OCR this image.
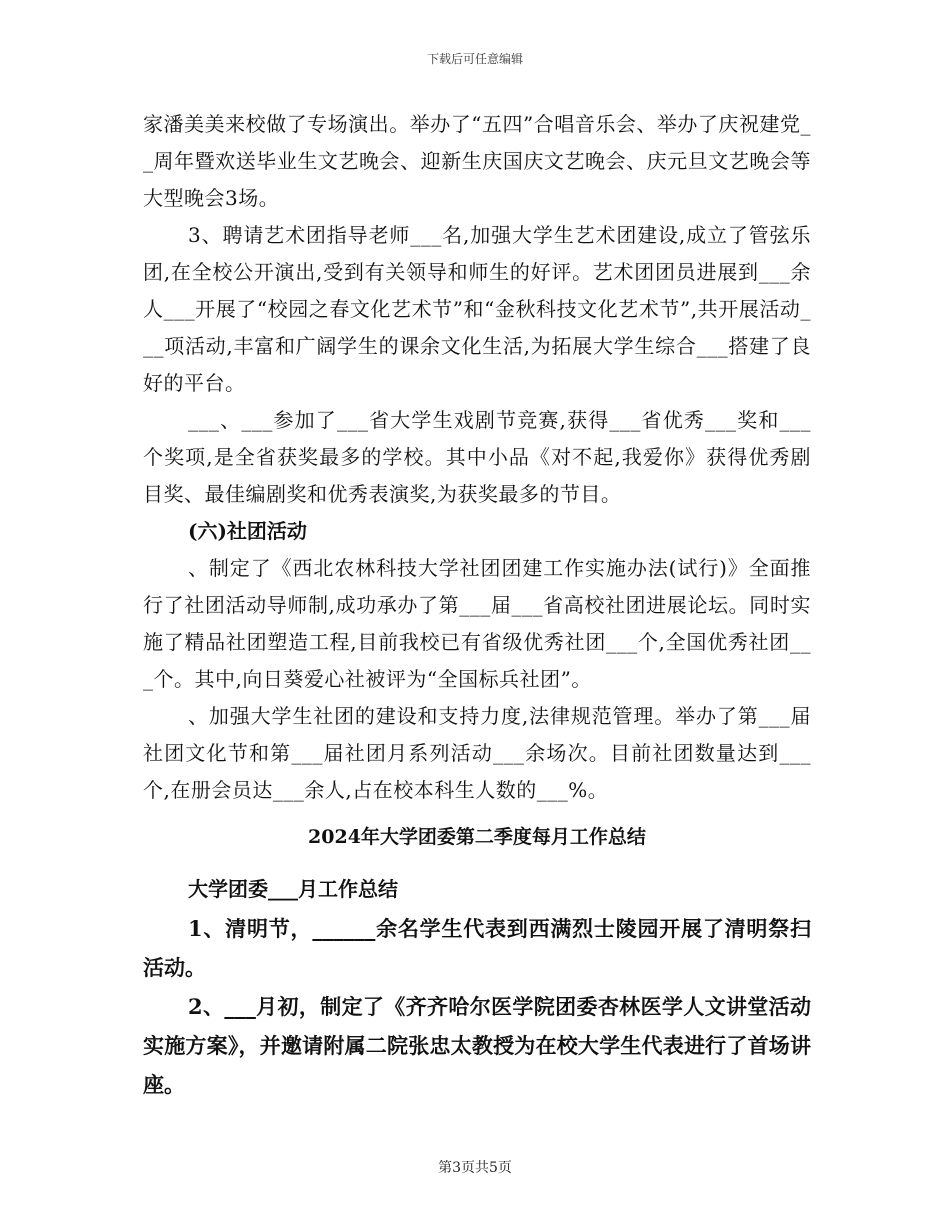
下载后可任意编辑

家潘美美来校做了专场演出。举办了“五四”合唱音乐会、举办了庆祝建党__周年暨欢送毕业生文艺晚会、迎新生庆国庆文艺晚会、庆元旦文艺晚会等大型晚会3场。

3、聘请艺术团指导老师___名,加强大学生艺术团建设,成立了管弦乐团,在全校公开演出,受到有关领导和师生的好评。艺术团团员进展到___余人___开展了“校园之春文化艺术节”和“金秋科技文化艺术节”,共开展活动___项活动,丰富和广阔学生的课余文化生活,为拓展大学生综合___搭建了良好的平台。

___、___参加了___省大学生戏剧节竞赛,获得___省优秀___奖和___个奖项,是全省获奖最多的学校。其中小品《对不起,我爱你》获得优秀剧目奖、最佳编剧奖和优秀表演奖,为获奖最多的节目。

(六)社团活动

、制定了《西北农林科技大学社团团建工作实施办法(试行)》全面推行了社团活动导师制,成功承办了第___届___省高校社团进展论坛。同时实施了精品社团塑造工程,目前我校已有省级优秀社团___个,全国优秀社团___个。其中,向日葵爱心社被评为“全国标兵社团”。

、加强大学生社团的建设和支持力度,法律规范管理。举办了第___届社团文化节和第___届社团月系列活动___余场次。目前社团数量达到___个,在册会员达___余人,占在校本科生人数的___%。

2024年大学团委第二季度每月工作总结

大学团委___月工作总结

1、清明节，______余名学生代表到西满烈士陵园开展了清明祭扫活动。

2、___月初，制定了《齐齐哈尔医学院团委杏林医学人文讲堂活动实施方案》，并邀请附属二院张忠太教授为在校大学生代表进行了首场讲座。

第3页共5页
